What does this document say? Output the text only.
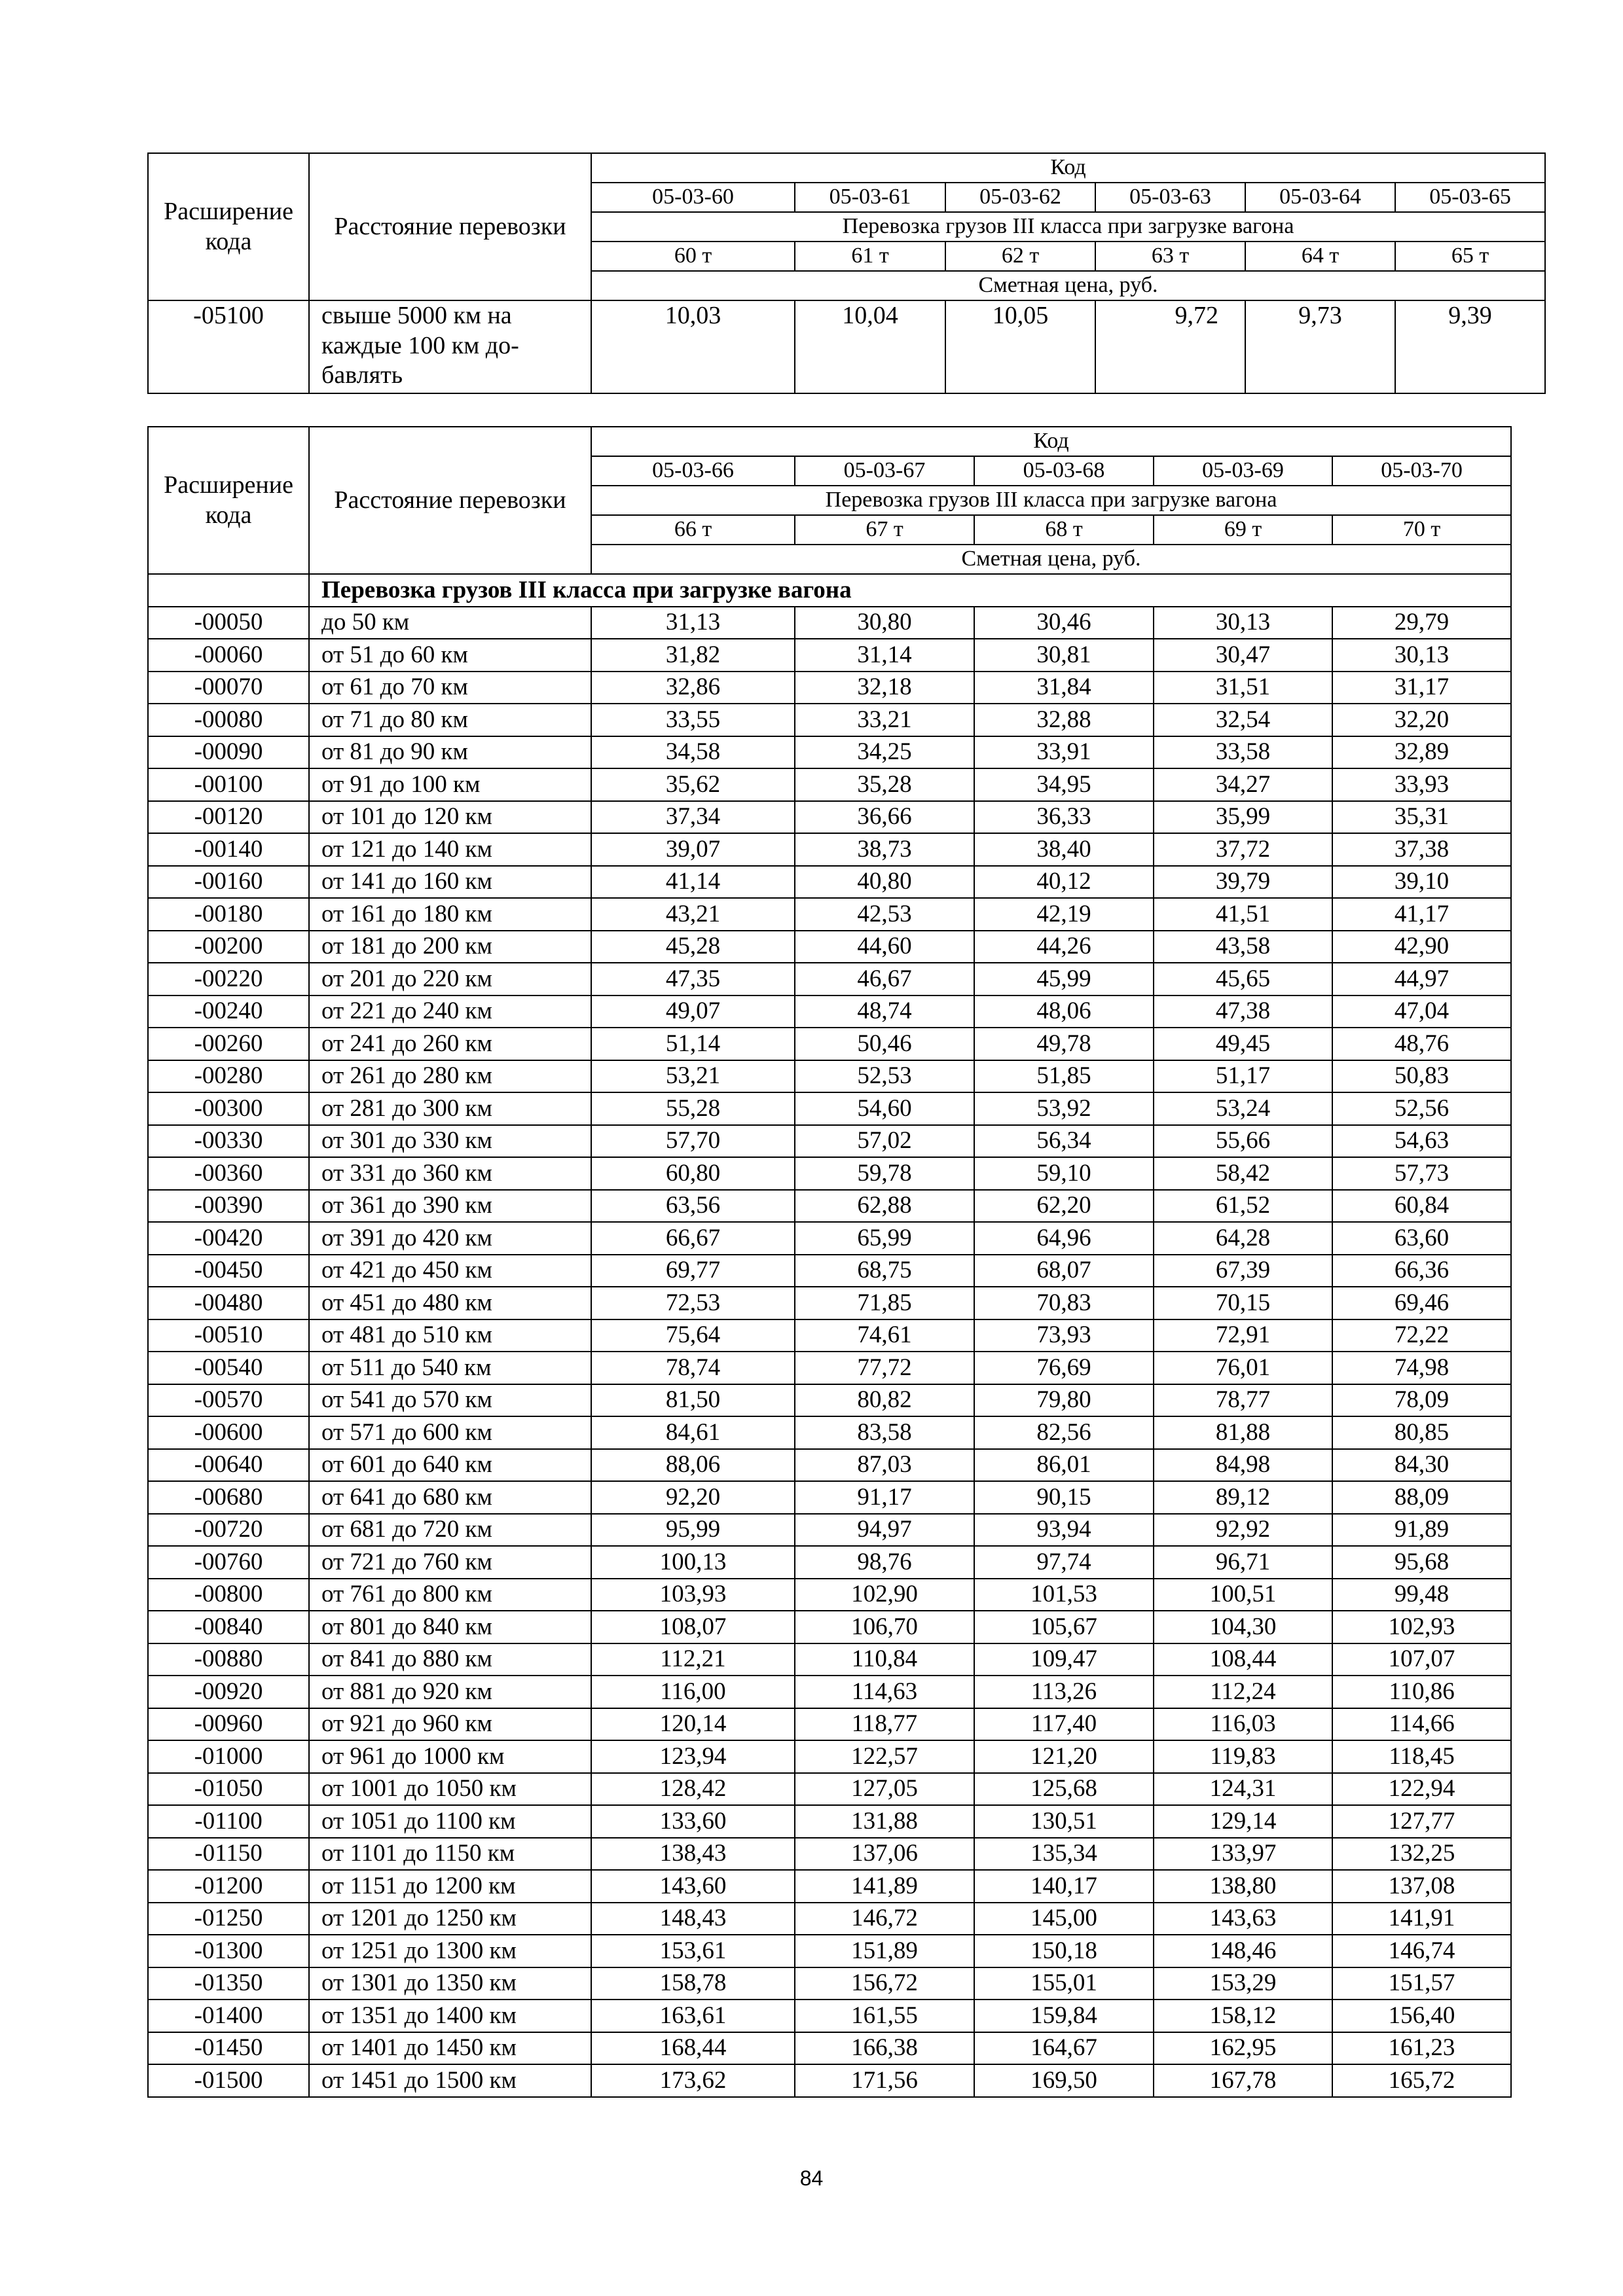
Расширение кода	Расстояние перевозки	Код					
		05-03-60	05-03-61	05-03-62	05-03-63	05-03-64	05-03-65
		Перевозка грузов III класса при загрузке вагона					
		60 т	61 т	62 т	63 т	64 т	65 т
		Сметная цена, руб.					
-05100	свыше 5000 км на каждые 100 км до-бавлять	10,03	10,04	10,05	9,72	9,73	9,39
Расширение кода	Расстояние перевозки	Код				
		05-03-66	05-03-67	05-03-68	05-03-69	05-03-70
		Перевозка грузов III класса при загрузке вагона				
		66 т	67 т	68 т	69 т	70 т
		Сметная цена, руб.				
	Перевозка грузов III класса при загрузке вагона					
-00050	до 50 км	31,13	30,80	30,46	30,13	29,79
-00060	от 51 до 60 км	31,82	31,14	30,81	30,47	30,13
-00070	от 61 до 70 км	32,86	32,18	31,84	31,51	31,17
-00080	от 71 до 80 км	33,55	33,21	32,88	32,54	32,20
-00090	от 81 до 90 км	34,58	34,25	33,91	33,58	32,89
-00100	от 91 до 100 км	35,62	35,28	34,95	34,27	33,93
-00120	от 101 до 120 км	37,34	36,66	36,33	35,99	35,31
-00140	от 121 до 140 км	39,07	38,73	38,40	37,72	37,38
-00160	от 141 до 160 км	41,14	40,80	40,12	39,79	39,10
-00180	от 161 до 180 км	43,21	42,53	42,19	41,51	41,17
-00200	от 181 до 200 км	45,28	44,60	44,26	43,58	42,90
-00220	от 201 до 220 км	47,35	46,67	45,99	45,65	44,97
-00240	от 221 до 240 км	49,07	48,74	48,06	47,38	47,04
-00260	от 241 до 260 км	51,14	50,46	49,78	49,45	48,76
-00280	от 261 до 280 км	53,21	52,53	51,85	51,17	50,83
-00300	от 281 до 300 км	55,28	54,60	53,92	53,24	52,56
-00330	от 301 до 330 км	57,70	57,02	56,34	55,66	54,63
-00360	от 331 до 360 км	60,80	59,78	59,10	58,42	57,73
-00390	от 361 до 390 км	63,56	62,88	62,20	61,52	60,84
-00420	от 391 до 420 км	66,67	65,99	64,96	64,28	63,60
-00450	от 421 до 450 км	69,77	68,75	68,07	67,39	66,36
-00480	от 451 до 480 км	72,53	71,85	70,83	70,15	69,46
-00510	от 481 до 510 км	75,64	74,61	73,93	72,91	72,22
-00540	от 511 до 540 км	78,74	77,72	76,69	76,01	74,98
-00570	от 541 до 570 км	81,50	80,82	79,80	78,77	78,09
-00600	от 571 до 600 км	84,61	83,58	82,56	81,88	80,85
-00640	от 601 до 640 км	88,06	87,03	86,01	84,98	84,30
-00680	от 641 до 680 км	92,20	91,17	90,15	89,12	88,09
-00720	от 681 до 720 км	95,99	94,97	93,94	92,92	91,89
-00760	от 721 до 760 км	100,13	98,76	97,74	96,71	95,68
-00800	от 761 до 800 км	103,93	102,90	101,53	100,51	99,48
-00840	от 801 до 840 км	108,07	106,70	105,67	104,30	102,93
-00880	от 841 до 880 км	112,21	110,84	109,47	108,44	107,07
-00920	от 881 до 920 км	116,00	114,63	113,26	112,24	110,86
-00960	от 921 до 960 км	120,14	118,77	117,40	116,03	114,66
-01000	от 961 до 1000 км	123,94	122,57	121,20	119,83	118,45
-01050	от 1001 до 1050 км	128,42	127,05	125,68	124,31	122,94
-01100	от 1051 до 1100 км	133,60	131,88	130,51	129,14	127,77
-01150	от 1101 до 1150 км	138,43	137,06	135,34	133,97	132,25
-01200	от 1151 до 1200 км	143,60	141,89	140,17	138,80	137,08
-01250	от 1201 до 1250 км	148,43	146,72	145,00	143,63	141,91
-01300	от 1251 до 1300 км	153,61	151,89	150,18	148,46	146,74
-01350	от 1301 до 1350 км	158,78	156,72	155,01	153,29	151,57
-01400	от 1351 до 1400 км	163,61	161,55	159,84	158,12	156,40
-01450	от 1401 до 1450 км	168,44	166,38	164,67	162,95	161,23
-01500	от 1451 до 1500 км	173,62	171,56	169,50	167,78	165,72
84
